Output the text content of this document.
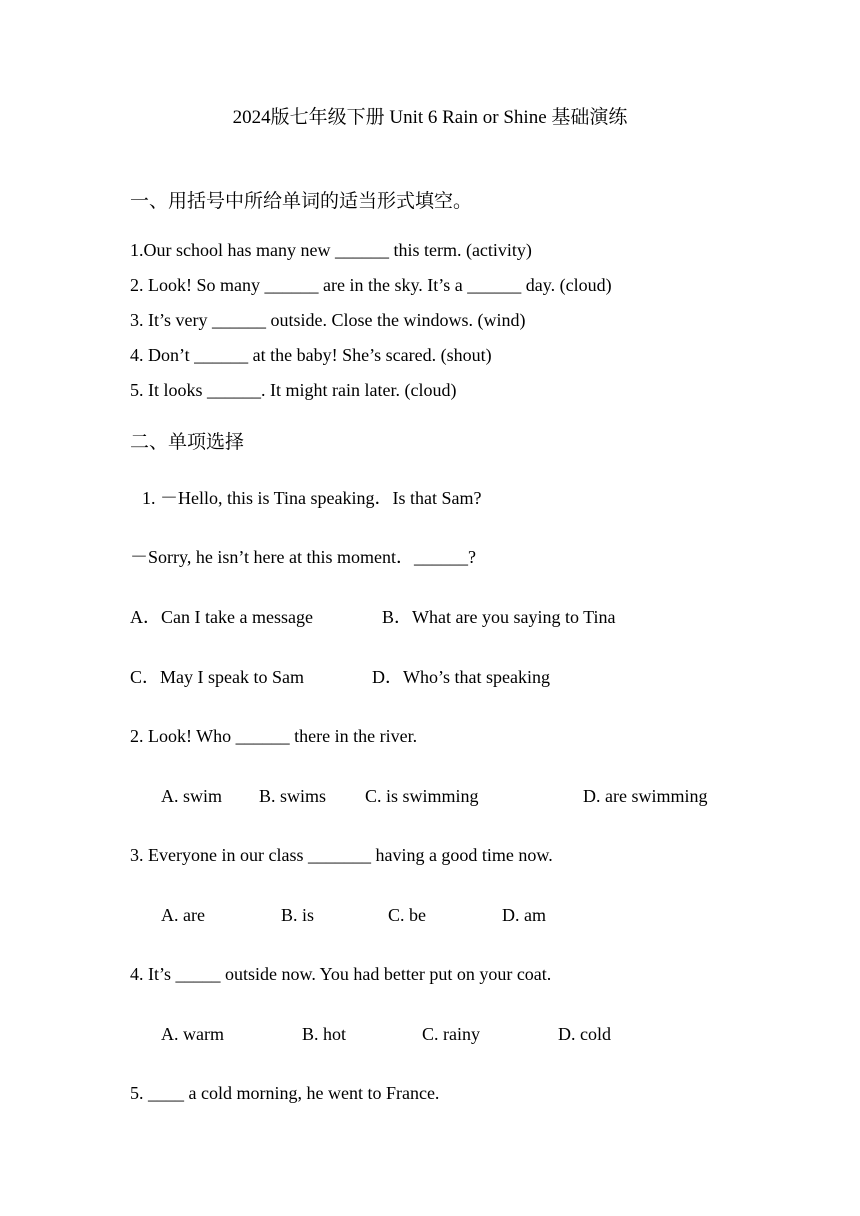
2024版七年级下册 Unit 6 Rain or Shine 基础演练
一、用括号中所给单词的适当形式填空。
1.Our school has many new ______ this term. (activity)
2. Look! So many ______ are in the sky. It’s a ______ day. (cloud)
3. It’s very ______ outside. Close the windows. (wind)
4. Don’t ______ at the baby! She’s scared. (shout)
5. It looks ______. It might rain later. (cloud)
二、单项选择
1. －Hello, this is Tina speaking．Is that Sam?
－Sorry, he isn’t here at this moment．______?
A．Can I take a message	B．What are you saying to Tina
C．May I speak to Sam	D．Who’s that speaking
2. Look! Who ______ there in the river.
A. swim B. swims C. is swimming	D. are swimming
3. Everyone in our class _______ having a good time now.
A. are	B. is	C. be	D. am
4. It’s _____ outside now. You had better put on your coat.
A. warm	B. hot	C. rainy	D. cold
5. ____ a cold morning, he went to France.
